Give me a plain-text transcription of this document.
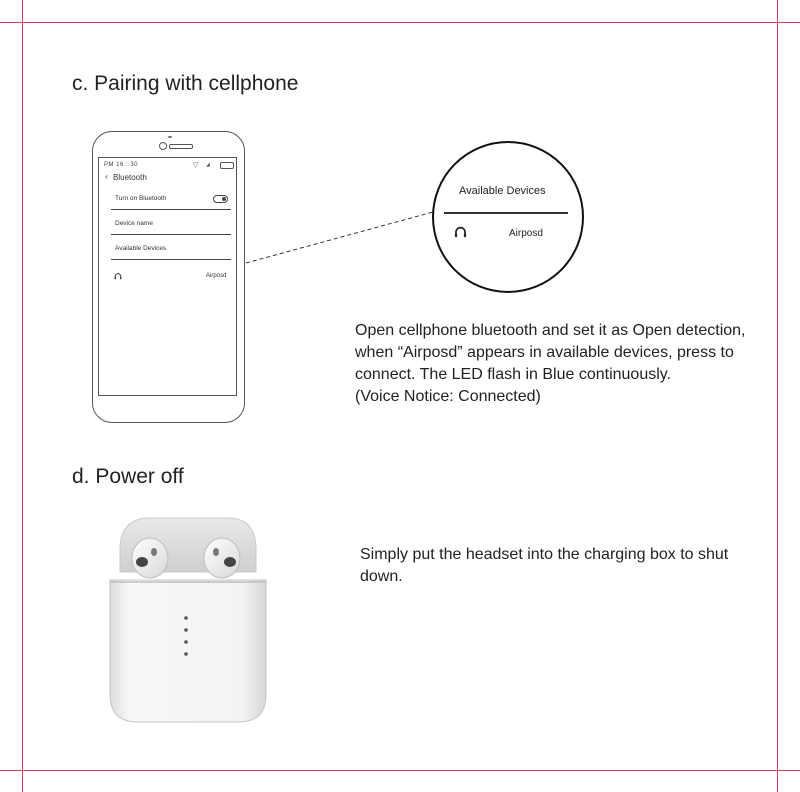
c. Pairing with cellphone
PM 16 : 30	▽ ◢
‹ Bluetooth
Turn on Bluetooth
Device name
Available Devices
Airposd
Available Devices
Airposd
Open cellphone bluetooth and set it as Open detection, when “Airposd” appears in available devices, press to connect. The LED flash in Blue continuously.
(Voice Notice: Connected)
d. Power off
Simply put the headset into the charging box to shut down.
